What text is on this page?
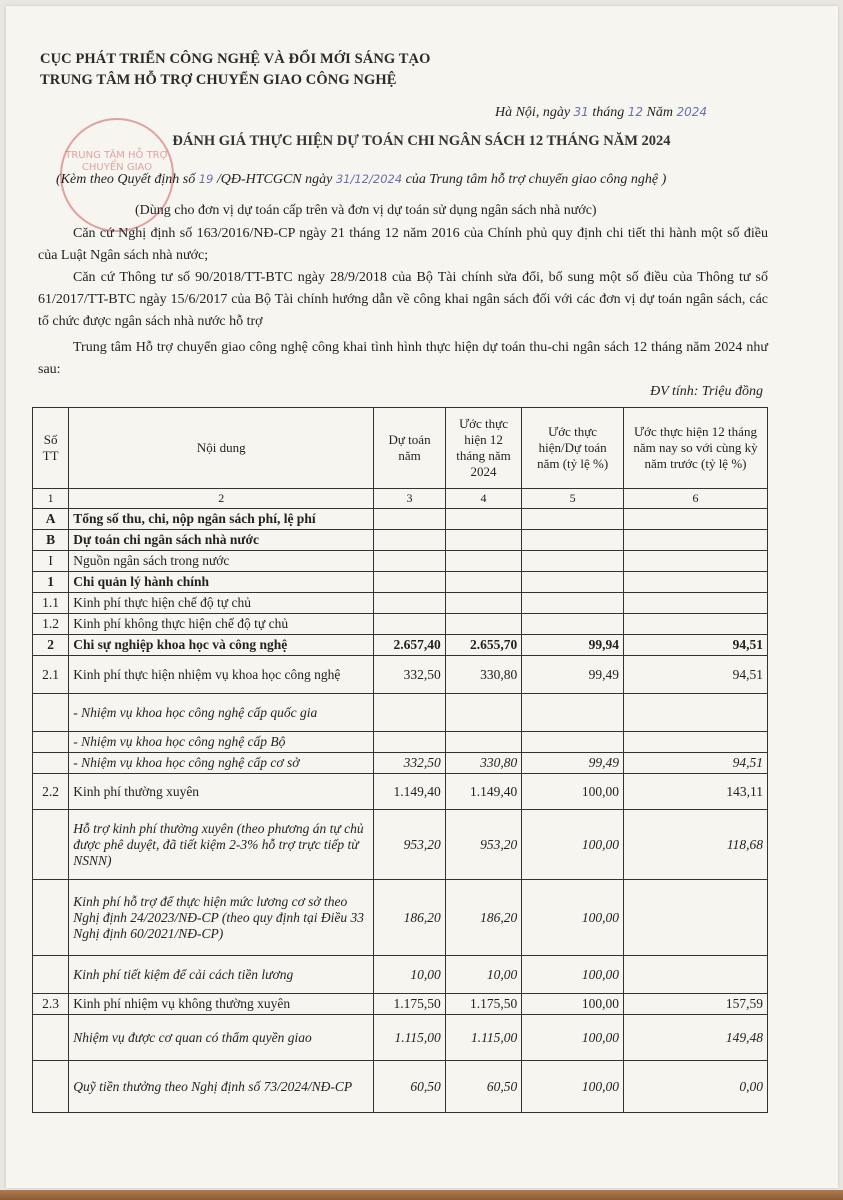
CỤC PHÁT TRIỂN CÔNG NGHỆ VÀ ĐỔI MỚI SÁNG TẠO
TRUNG TÂM HỖ TRỢ CHUYỂN GIAO CÔNG NGHỆ
TRUNG TÂM HỖ TRỢ CHUYỂN GIAO
Hà Nội, ngày 31 tháng 12 Năm 2024
ĐÁNH GIÁ THỰC HIỆN DỰ TOÁN CHI NGÂN SÁCH 12 THÁNG NĂM 2024
(Kèm theo Quyết định số 19 /QĐ-HTCGCN ngày 31/12/2024 của Trung tâm hỗ trợ chuyển giao công nghệ )
(Dùng cho đơn vị dự toán cấp trên và đơn vị dự toán sử dụng ngân sách nhà nước)
Căn cứ Nghị định số 163/2016/NĐ-CP ngày 21 tháng 12 năm 2016 của Chính phủ quy định chi tiết thi hành một số điều của Luật Ngân sách nhà nước;
Căn cứ Thông tư số 90/2018/TT-BTC ngày 28/9/2018 của Bộ Tài chính sửa đổi, bổ sung một số điều của Thông tư số 61/2017/TT-BTC ngày 15/6/2017 của Bộ Tài chính hướng dẫn về công khai ngân sách đối với các đơn vị dự toán ngân sách, các tổ chức được ngân sách nhà nước hỗ trợ
Trung tâm Hỗ trợ chuyển giao công nghệ công khai tình hình thực hiện dự toán thu-chi ngân sách 12 tháng năm 2024 như sau:
ĐV tính: Triệu đồng
Số TT	Nội dung	Dự toán năm	Ước thực hiện 12 tháng năm 2024	Ước thực hiện/Dự toán năm (tỷ lệ %)	Ước thực hiện 12 tháng năm nay so với cùng kỳ năm trước (tỷ lệ %)
1	2	3	4	5	6
A	Tổng số thu, chi, nộp ngân sách phí, lệ phí				
B	Dự toán chi ngân sách nhà nước				
I	Nguồn ngân sách trong nước				
1	Chi quản lý hành chính				
1.1	Kinh phí thực hiện chế độ tự chủ				
1.2	Kinh phí không thực hiện chế độ tự chủ				
2	Chi sự nghiệp khoa học và công nghệ	2.657,40	2.655,70	99,94	94,51
2.1	Kinh phí thực hiện nhiệm vụ khoa học công nghệ	332,50	330,80	99,49	94,51
	- Nhiệm vụ khoa học công nghệ cấp quốc gia				
	- Nhiệm vụ khoa học công nghệ cấp Bộ				
	- Nhiệm vụ khoa học công nghệ cấp cơ sở	332,50	330,80	99,49	94,51
2.2	Kinh phí thường xuyên	1.149,40	1.149,40	100,00	143,11
	Hỗ trợ kinh phí thường xuyên (theo phương án tự chủ được phê duyệt, đã tiết kiệm 2-3% hỗ trợ trực tiếp từ NSNN)	953,20	953,20	100,00	118,68
	Kinh phí hỗ trợ để thực hiện mức lương cơ sở theo Nghị định 24/2023/NĐ-CP (theo quy định tại Điều 33 Nghị định 60/2021/NĐ-CP)	186,20	186,20	100,00	
	Kinh phí tiết kiệm để cải cách tiền lương	10,00	10,00	100,00	
2.3	Kinh phí nhiệm vụ không thường xuyên	1.175,50	1.175,50	100,00	157,59
	Nhiệm vụ được cơ quan có thẩm quyền giao	1.115,00	1.115,00	100,00	149,48
	Quỹ tiền thưởng theo Nghị định số 73/2024/NĐ-CP	60,50	60,50	100,00	0,00
